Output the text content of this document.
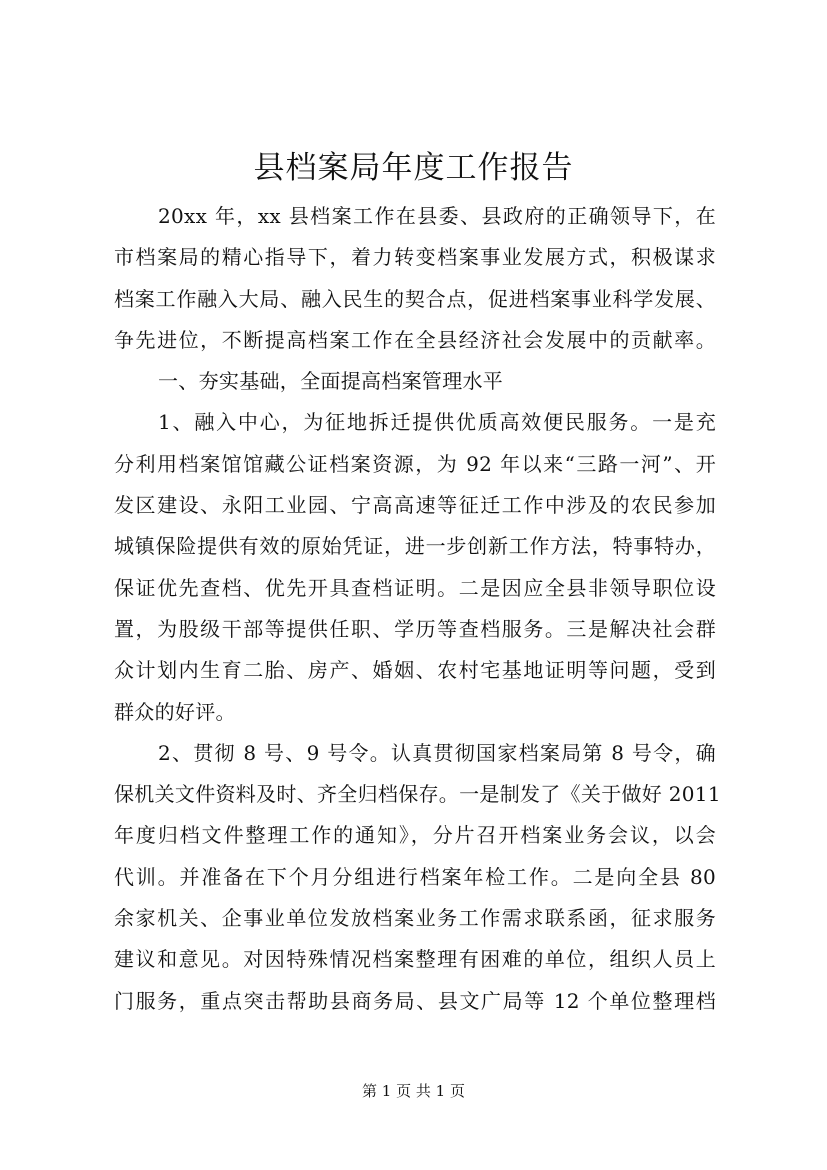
县档案局年度工作报告
20xx 年，xx 县档案工作在县委、县政府的正确领导下，在
市档案局的精心指导下，着力转变档案事业发展方式，积极谋求
档案工作融入大局、融入民生的契合点，促进档案事业科学发展、
争先进位，不断提高档案工作在全县经济社会发展中的贡献率。
一、夯实基础，全面提高档案管理水平
1、融入中心，为征地拆迁提供优质高效便民服务。一是充
分利用档案馆馆藏公证档案资源，为 92 年以来“三路一河”、开
发区建设、永阳工业园、宁高高速等征迁工作中涉及的农民参加
城镇保险提供有效的原始凭证，进一步创新工作方法，特事特办，
保证优先查档、优先开具查档证明。二是因应全县非领导职位设
置，为股级干部等提供任职、学历等查档服务。三是解决社会群
众计划内生育二胎、房产、婚姻、农村宅基地证明等问题，受到
群众的好评。
2、贯彻 8 号、9 号令。认真贯彻国家档案局第 8 号令，确
保机关文件资料及时、齐全归档保存。一是制发了《关于做好 2011
年度归档文件整理工作的通知》，分片召开档案业务会议，以会
代训。并准备在下个月分组进行档案年检工作。二是向全县 80
余家机关、企事业单位发放档案业务工作需求联系函，征求服务
建议和意见。对因特殊情况档案整理有困难的单位，组织人员上
门服务，重点突击帮助县商务局、县文广局等 12 个单位整理档
第 1 页 共 1 页
